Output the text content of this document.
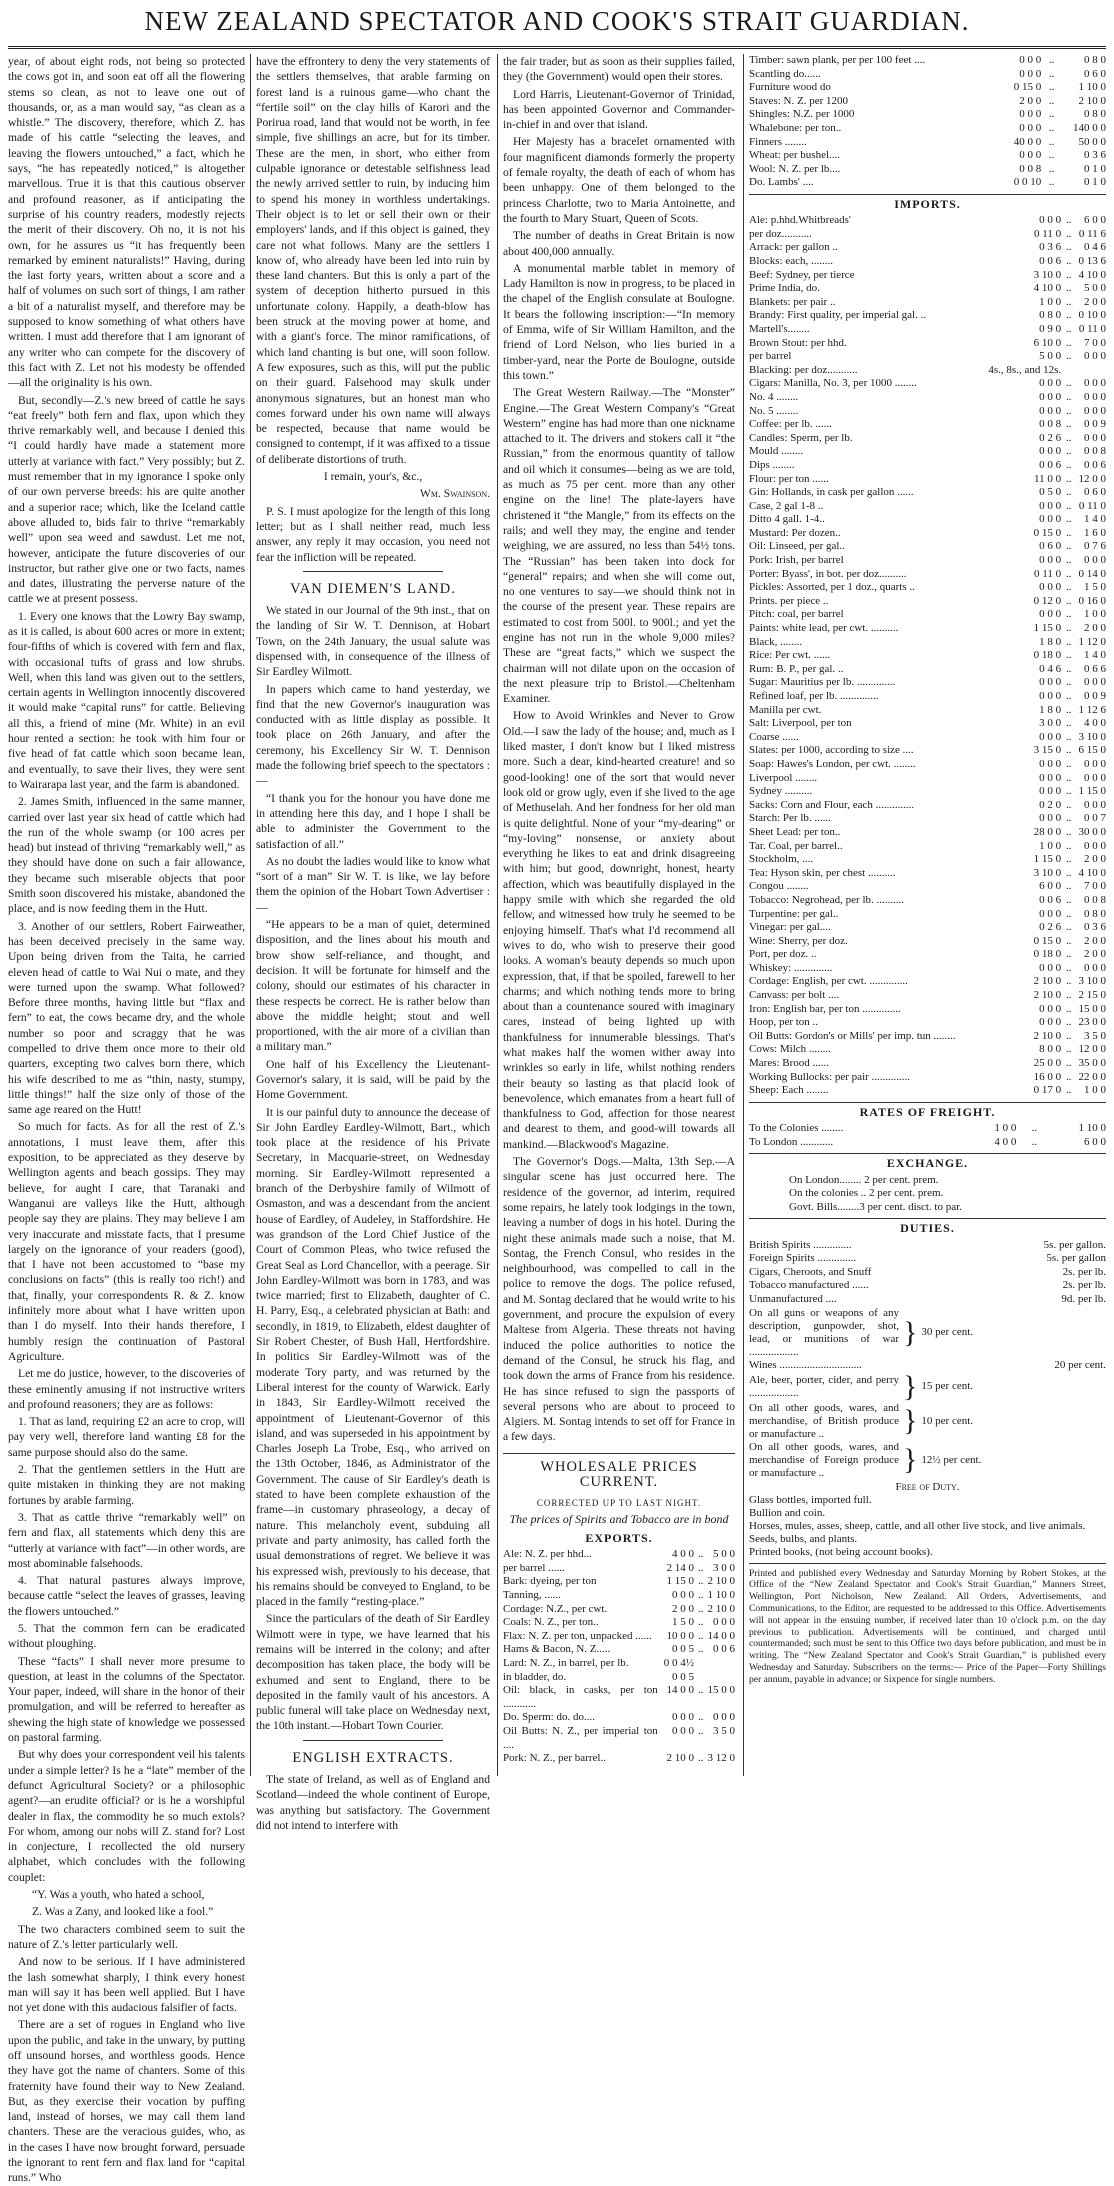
NEW ZEALAND SPECTATOR AND COOK'S STRAIT GUARDIAN.

year, of about eight rods, not being so protected the cows got in, and soon eat off all the flowering stems so clean, as not to leave one out of thousands, or, as a man would say, “as clean as a whistle.” The discovery, therefore, which Z. has made of his cattle “selecting the leaves, and leaving the flowers untouched,” a fact, which he says, “he has repeatedly noticed,” is altogether marvellous. True it is that this cautious observer and profound reasoner, as if anticipating the surprise of his country readers, modestly rejects the merit of their discovery. Oh no, it is not his own, for he assures us “it has frequently been remarked by eminent naturalists!” Having, during the last forty years, written about a score and a half of volumes on such sort of things, I am rather a bit of a naturalist myself, and therefore may be supposed to know something of what others have written. I must add therefore that I am ignorant of any writer who can compete for the discovery of this fact with Z. Let not his modesty be offended—all the originality is his own.

But, secondly—Z.'s new breed of cattle he says “eat freely” both fern and flax, upon which they thrive remarkably well, and because I denied this “I could hardly have made a statement more utterly at variance with fact.” Very possibly; but Z. must remember that in my ignorance I spoke only of our own perverse breeds: his are quite another and a superior race; which, like the Iceland cattle above alluded to, bids fair to thrive “remarkably well” upon sea weed and sawdust. Let me not, however, anticipate the future discoveries of our instructor, but rather give one or two facts, names and dates, illustrating the perverse nature of the cattle we at present possess.

1. Every one knows that the Lowry Bay swamp, as it is called, is about 600 acres or more in extent; four-fifths of which is covered with fern and flax, with occasional tufts of grass and low shrubs. Well, when this land was given out to the settlers, certain agents in Wellington innocently discovered it would make “capital runs” for cattle. Believing all this, a friend of mine (Mr. White) in an evil hour rented a section: he took with him four or five head of fat cattle which soon became lean, and eventually, to save their lives, they were sent to Wairarapa last year, and the farm is abandoned.

2. James Smith, influenced in the same manner, carried over last year six head of cattle which had the run of the whole swamp (or 100 acres per head) but instead of thriving “remarkably well,” as they should have done on such a fair allowance, they became such miserable objects that poor Smith soon discovered his mistake, abandoned the place, and is now feeding them in the Hutt.

3. Another of our settlers, Robert Fairweather, has been deceived precisely in the same way. Upon being driven from the Taita, he carried eleven head of cattle to Wai Nui o mate, and they were turned upon the swamp. What followed? Before three months, having little but “flax and fern” to eat, the cows became dry, and the whole number so poor and scraggy that he was compelled to drive them once more to their old quarters, excepting two calves born there, which his wife described to me as “thin, nasty, stumpy, little things!” half the size only of those of the same age reared on the Hutt!

So much for facts. As for all the rest of Z.'s annotations, I must leave them, after this exposition, to be appreciated as they deserve by Wellington agents and beach gossips. They may believe, for aught I care, that Taranaki and Wanganui are valleys like the Hutt, although people say they are plains. They may believe I am very inaccurate and misstate facts, that I presume largely on the ignorance of your readers (good), that I have not been accustomed to “base my conclusions on facts” (this is really too rich!) and that, finally, your correspondents R. & Z. know infinitely more about what I have written upon than I do myself. Into their hands therefore, I humbly resign the continuation of Pastoral Agriculture.

Let me do justice, however, to the discoveries of these eminently amusing if not instructive writers and profound reasoners; they are as follows:

1. That as land, requiring £2 an acre to crop, will pay very well, therefore land wanting £8 for the same purpose should also do the same.

2. That the gentlemen settlers in the Hutt are quite mistaken in thinking they are not making fortunes by arable farming.

3. That as cattle thrive “remarkably well” on fern and flax, all statements which deny this are “utterly at variance with fact”—in other words, are most abominable falsehoods.

4. That natural pastures always improve, because cattle “select the leaves of grasses, leaving the flowers untouched.”

5. That the common fern can be eradicated without ploughing.

These “facts” I shall never more presume to question, at least in the columns of the Spectator. Your paper, indeed, will share in the honor of their promulgation, and will be referred to hereafter as shewing the high state of knowledge we possessed on pastoral farming.

But why does your correspondent veil his talents under a simple letter? Is he a “late” member of the defunct Agricultural Society? or a philosophic agent?—an erudite official? or is he a worshipful dealer in flax, the commodity he so much extols? For whom, among our nobs will Z. stand for? Lost in conjecture, I recollected the old nursery alphabet, which concludes with the following couplet:

“Y. Was a youth, who hated a school,

Z. Was a Zany, and looked like a fool.”

The two characters combined seem to suit the nature of Z.'s letter particularly well.

And now to be serious. If I have administered the lash somewhat sharply, I think every honest man will say it has been well applied. But I have not yet done with this audacious falsifier of facts.

There are a set of rogues in England who live upon the public, and take in the unwary, by putting off unsound horses, and worthless goods. Hence they have got the name of chanters. Some of this fraternity have found their way to New Zealand. But, as they exercise their vocation by puffing land, instead of horses, we may call them land chanters. These are the veracious guides, who, as in the cases I have now brought forward, persuade the ignorant to rent fern and flax land for “capital runs.” Who

have the effrontery to deny the very statements of the settlers themselves, that arable farming on forest land is a ruinous game—who chant the “fertile soil” on the clay hills of Karori and the Porirua road, land that would not be worth, in fee simple, five shillings an acre, but for its timber. These are the men, in short, who either from culpable ignorance or detestable selfishness lead the newly arrived settler to ruin, by inducing him to spend his money in worthless undertakings. Their object is to let or sell their own or their employers' lands, and if this object is gained, they care not what follows. Many are the settlers I know of, who already have been led into ruin by these land chanters. But this is only a part of the system of deception hitherto pursued in this unfortunate colony. Happily, a death-blow has been struck at the moving power at home, and with a giant's force. The minor ramifications, of which land chanting is but one, will soon follow. A few exposures, such as this, will put the public on their guard. Falsehood may skulk under anonymous signatures, but an honest man who comes forward under his own name will always be respected, because that name would be consigned to contempt, if it was affixed to a tissue of deliberate distortions of truth.

I remain, your's, &c.,

Wm. Swainson.

P. S. I must apologize for the length of this long letter; but as I shall neither read, much less answer, any reply it may occasion, you need not fear the infliction will be repeated.

VAN DIEMEN'S LAND.

We stated in our Journal of the 9th inst., that on the landing of Sir W. T. Dennison, at Hobart Town, on the 24th January, the usual salute was dispensed with, in consequence of the illness of Sir Eardley Wilmott.

In papers which came to hand yesterday, we find that the new Governor's inauguration was conducted with as little display as possible. It took place on 26th January, and after the ceremony, his Excellency Sir W. T. Dennison made the following brief speech to the spectators :—

“I thank you for the honour you have done me in attending here this day, and I hope I shall be able to administer the Government to the satisfaction of all.”

As no doubt the ladies would like to know what “sort of a man” Sir W. T. is like, we lay before them the opinion of the Hobart Town Advertiser :—

“He appears to be a man of quiet, determined disposition, and the lines about his mouth and brow show self-reliance, and thought, and decision. It will be fortunate for himself and the colony, should our estimates of his character in these respects be correct. He is rather below than above the middle height; stout and well proportioned, with the air more of a civilian than a military man.”

One half of his Excellency the Lieutenant-Governor's salary, it is said, will be paid by the Home Government.

It is our painful duty to announce the decease of Sir John Eardley Eardley-Wilmott, Bart., which took place at the residence of his Private Secretary, in Macquarie-street, on Wednesday morning. Sir Eardley-Wilmott represented a branch of the Derbyshire family of Wilmott of Osmaston, and was a descendant from the ancient house of Eardley, of Audeley, in Staffordshire. He was grandson of the Lord Chief Justice of the Court of Common Pleas, who twice refused the Great Seal as Lord Chancellor, with a peerage. Sir John Eardley-Wilmott was born in 1783, and was twice married; first to Elizabeth, daughter of C. H. Parry, Esq., a celebrated physician at Bath: and secondly, in 1819, to Elizabeth, eldest daughter of Sir Robert Chester, of Bush Hall, Hertfordshire. In politics Sir Eardley-Wilmott was of the moderate Tory party, and was returned by the Liberal interest for the county of Warwick. Early in 1843, Sir Eardley-Wilmott received the appointment of Lieutenant-Governor of this island, and was superseded in his appointment by Charles Joseph La Trobe, Esq., who arrived on the 13th October, 1846, as Administrator of the Government. The cause of Sir Eardley's death is stated to have been complete exhaustion of the frame—in customary phraseology, a decay of nature. This melancholy event, subduing all private and party animosity, has called forth the usual demonstrations of regret. We believe it was his expressed wish, previously to his decease, that his remains should be conveyed to England, to be placed in the family “resting-place.”

Since the particulars of the death of Sir Eardley Wilmott were in type, we have learned that his remains will be interred in the colony; and after decomposition has taken place, the body will be exhumed and sent to England, there to be deposited in the family vault of his ancestors. A public funeral will take place on Wednesday next, the 10th instant.—Hobart Town Courier.

ENGLISH EXTRACTS.

The state of Ireland, as well as of England and Scotland—indeed the whole continent of Europe, was anything but satisfactory. The Government did not intend to interfere with

the fair trader, but as soon as their supplies failed, they (the Government) would open their stores.

Lord Harris, Lieutenant-Governor of Trinidad, has been appointed Governor and Commander-in-chief in and over that island.

Her Majesty has a bracelet ornamented with four magnificent diamonds formerly the property of female royalty, the death of each of whom has been unhappy. One of them belonged to the princess Charlotte, two to Maria Antoinette, and the fourth to Mary Stuart, Queen of Scots.

The number of deaths in Great Britain is now about 400,000 annually.

A monumental marble tablet in memory of Lady Hamilton is now in progress, to be placed in the chapel of the English consulate at Boulogne. It bears the following inscription:—“In memory of Emma, wife of Sir William Hamilton, and the friend of Lord Nelson, who lies buried in a timber-yard, near the Porte de Boulogne, outside this town.”

The Great Western Railway.—The “Monster” Engine.—The Great Western Company's “Great Western” engine has had more than one nickname attached to it. The drivers and stokers call it “the Russian,” from the enormous quantity of tallow and oil which it consumes—being as we are told, as much as 75 per cent. more than any other engine on the line! The plate-layers have christened it “the Mangle,” from its effects on the rails; and well they may, the engine and tender weighing, we are assured, no less than 54½ tons. The “Russian” has been taken into dock for “general” repairs; and when she will come out, no one ventures to say—we should think not in the course of the present year. These repairs are estimated to cost from 500l. to 900l.; and yet the engine has not run in the whole 9,000 miles? These are “great facts,” which we suspect the chairman will not dilate upon on the occasion of the next pleasure trip to Bristol.—Cheltenham Examiner.

How to Avoid Wrinkles and Never to Grow Old.—I saw the lady of the house; and, much as I liked master, I don't know but I liked mistress more. Such a dear, kind-hearted creature! and so good-looking! one of the sort that would never look old or grow ugly, even if she lived to the age of Methuselah. And her fondness for her old man is quite delightful. None of your “my-dearing” or “my-loving” nonsense, or anxiety about everything he likes to eat and drink disagreeing with him; but good, downright, honest, hearty affection, which was beautifully displayed in the happy smile with which she regarded the old fellow, and witnessed how truly he seemed to be enjoying himself. That's what I'd recommend all wives to do, who wish to preserve their good looks. A woman's beauty depends so much upon expression, that, if that be spoiled, farewell to her charms; and which nothing tends more to bring about than a countenance soured with imaginary cares, instead of being lighted up with thankfulness for innumerable blessings. That's what makes half the women wither away into wrinkles so early in life, whilst nothing renders their beauty so lasting as that placid look of benevolence, which emanates from a heart full of thankfulness to God, affection for those nearest and dearest to them, and good-will towards all mankind.—Blackwood's Magazine.

The Governor's Dogs.—Malta, 13th Sep.—A singular scene has just occurred here. The residence of the governor, ad interim, required some repairs, he lately took lodgings in the town, leaving a number of dogs in his hotel. During the night these animals made such a noise, that M. Sontag, the French Consul, who resides in the neighbourhood, was compelled to call in the police to remove the dogs. The police refused, and M. Sontag declared that he would write to his government, and procure the expulsion of every Maltese from Algeria. These threats not having induced the police authorities to notice the demand of the Consul, he struck his flag, and took down the arms of France from his residence. He has since refused to sign the passports of several persons who are about to proceed to Algiers. M. Sontag intends to set off for France in a few days.

WHOLESALE PRICES CURRENT.
CORRECTED UP TO LAST NIGHT.
The prices of Spirits and Tobacco are in bond
EXPORTS.
Ale: N. Z. per hhd...	4 0 0	..	5 0 0
per barrel ......	2 14 0	..	3 0 0
Bark: dyeing, per ton	1 15 0	..	2 10 0
Tanning, ......	0 0 0	..	1 10 0
Cordage: N.Z., per cwt.	2 0 0	..	2 10 0
Coals: N. Z., per ton..	1 5 0	..	0 0 0
Flax: N. Z. per ton, unpacked ......	10 0 0	..	14 0 0
Hams & Bacon, N. Z.....	0 0 5	..	0 0 6
Lard: N. Z., in barrel, per lb.	0 0 4½		
in bladder, do.	0 0 5		
Oil: black, in casks, per ton ............	14 0 0	..	15 0 0
Do. Sperm: do. do....	0 0 0	..	0 0 0
Oil Butts: N. Z., per imperial ton ....	0 0 0	..	3 5 0
Pork: N. Z., per barrel..	2 10 0	..	3 12 0
Timber: sawn plank, per per 100 feet ....	0 0 0	..	0 8 0
Scantling do......	0 0 0	..	0 6 0
Furniture wood do	0 15 0	..	1 10 0
Staves: N. Z. per 1200	2 0 0	..	2 10 0
Shingles: N.Z. per 1000	0 0 0	..	0 8 0
Whalebone: per ton..	0 0 0	..	140 0 0
Finners ........	40 0 0	..	50 0 0
Wheat: per bushel....	0 0 0	..	0 3 6
Wool: N. Z. per lb....	0 0 8	..	0 1 0
Do. Lambs' ....	0 0 10	..	0 1 0
IMPORTS.
Ale: p.hhd.Whitbreads'	0 0 0	..	6 0 0
per doz...........	0 11 0	..	0 11 6
Arrack: per gallon ..	0 3 6	..	0 4 6
Blocks: each, ........	0 0 6	..	0 13 6
Beef: Sydney, per tierce	3 10 0	..	4 10 0
Prime India, do.	4 10 0	..	5 0 0
Blankets: per pair ..	1 0 0	..	2 0 0
Brandy: First quality, per imperial gal. ..	0 8 0	..	0 10 0
Martell's........	0 9 0	..	0 11 0
Brown Stout: per hhd.	6 10 0	..	7 0 0
per barrel	5 0 0	..	0 0 0
Blacking: per doz...........	4s., 8s., and 12s.		
Cigars: Manilla, No. 3, per 1000 ........	0 0 0	..	0 0 0
No. 4 ........	0 0 0	..	0 0 0
No. 5 ........	0 0 0	..	0 0 0
Coffee: per lb. ......	0 0 8	..	0 0 9
Candles: Sperm, per lb.	0 2 6	..	0 0 0
Mould ........	0 0 0	..	0 0 8
Dips ........	0 0 6	..	0 0 6
Flour: per ton ......	11 0 0	..	12 0 0
Gin: Hollands, in cask per gallon ......	0 5 0	..	0 6 0
Case, 2 gal 1-8 ..	0 0 0	..	0 11 0
Ditto 4 gall. 1-4..	0 0 0	..	1 4 0
Mustard: Per dozen..	0 15 0	..	1 6 0
Oil: Linseed, per gal..	0 6 0	..	0 7 6
Pork: Irish, per barrel	0 0 0	..	0 0 0
Porter: Byass', in bot. per doz..........	0 11 0	..	0 14 0
Pickles: Assorted, per 1 doz., quarts ..	0 0 0	..	1 5 0
Prints. per piece ..	0 12 0	..	0 16 0
Pitch: coal, per barrel	0 0 0	..	1 0 0
Paints: white lead, per cwt. ..........	1 15 0	..	2 0 0
Black, ........	1 8 0	..	1 12 0
Rice: Per cwt. ......	0 18 0	..	1 4 0
Rum: B. P., per gal. ..	0 4 6	..	0 6 6
Sugar: Mauritius per lb. ..............	0 0 0	..	0 0 0
Refined loaf, per lb. ..............	0 0 0	..	0 0 9
Manilla per cwt.	1 8 0	..	1 12 6
Salt: Liverpool, per ton	3 0 0	..	4 0 0
Coarse ......	0 0 0	..	3 10 0
Slates: per 1000, according to size ....	3 15 0	..	6 15 0
Soap: Hawes's London, per cwt. ........	0 0 0	..	0 0 0
Liverpool ........	0 0 0	..	0 0 0
Sydney ..........	0 0 0	..	1 15 0
Sacks: Corn and Flour, each ..............	0 2 0	..	0 0 0
Starch: Per lb. ......	0 0 0	..	0 0 7
Sheet Lead: per ton..	28 0 0	..	30 0 0
Tar. Coal, per barrel..	1 0 0	..	0 0 0
Stockholm, ....	1 15 0	..	2 0 0
Tea: Hyson skin, per chest ..........	3 10 0	..	4 10 0
Congou ........	6 0 0	..	7 0 0
Tobacco: Negrohead, per lb. ..........	0 0 6	..	0 0 8
Turpentine: per gal..	0 0 0	..	0 8 0
Vinegar: per gal....	0 2 6	..	0 3 6
Wine: Sherry, per doz.	0 15 0	..	2 0 0
Port, per doz. ..	0 18 0	..	2 0 0
Whiskey: ..............	0 0 0	..	0 0 0
Cordage: English, per cwt. ..............	2 10 0	..	3 10 0
Canvass: per bolt ....	2 10 0	..	2 15 0
Iron: English bar, per ton ..............	0 0 0	..	15 0 0
Hoop, per ton ..	0 0 0	..	23 0 0
Oil Butts: Gordon's or Mills' per imp. tun ........	2 10 0	..	3 5 0
Cows: Milch ........	8 0 0	..	12 0 0
Mares: Brood ......	25 0 0	..	35 0 0
Working Bullocks: per pair ..............	16 0 0	..	22 0 0
Sheep: Each ........	0 17 0	..	1 0 0
RATES OF FREIGHT.
To the Colonies ........	1 0 0	..	1 10 0
To London ............	4 0 0	..	6 0 0
EXCHANGE.
On London........ 2 per cent. prem.
On the colonies .. 2 per cent. prem.
Govt. Bills........3 per cent. disct. to par.
DUTIES.
British Spirits ..............	5s. per gallon.
Foreign Spirits ..............	5s. per gallon
Cigars, Cheroots, and Snuff	2s. per lb.
Tobacco manufactured ......	2s. per lb.
Unmanufactured ....	9d. per lb.
On all guns or weapons of any description, gunpowder, shot, lead, or munitions of war ..................
} 30 per cent.
Wines ..............................	20 per cent.
Ale, beer, porter, cider, and perry ..................	} 15 per cent.
On all other goods, wares, and merchandise, of British produce or manufacture ..	} 10 per cent.
On all other goods, wares, and merchandise of Foreign produce or manufacture ..	} 12½ per cent.
Free of Duty.
Glass bottles, imported full.
Bullion and coin.
Horses, mules, asses, sheep, cattle, and all other live stock, and live animals.
Seeds, bulbs, and plants.
Printed books, (not being account books).
Printed and published every Wednesday and Saturday Morning by Robert Stokes, at the Office of the “New Zealand Spectator and Cook's Strait Guardian,” Manners Street, Wellington, Port Nicholson, New Zealand. All Orders, Advertisements, and Communications, to the Editor, are requested to be addressed to this Office. Advertisements will not appear in the ensuing number, if received later than 10 o'clock p.m. on the day previous to publication. Advertisements will be continued, and charged until countermanded; such must be sent to this Office two days before publication, and must be in writing. The “New Zealand Spectator and Cook's Strait Guardian,” is published every Wednesday and Saturday. Subscribers on the terms:— Price of the Paper—Forty Shillings per annum, payable in advance; or Sixpence for single numbers.
